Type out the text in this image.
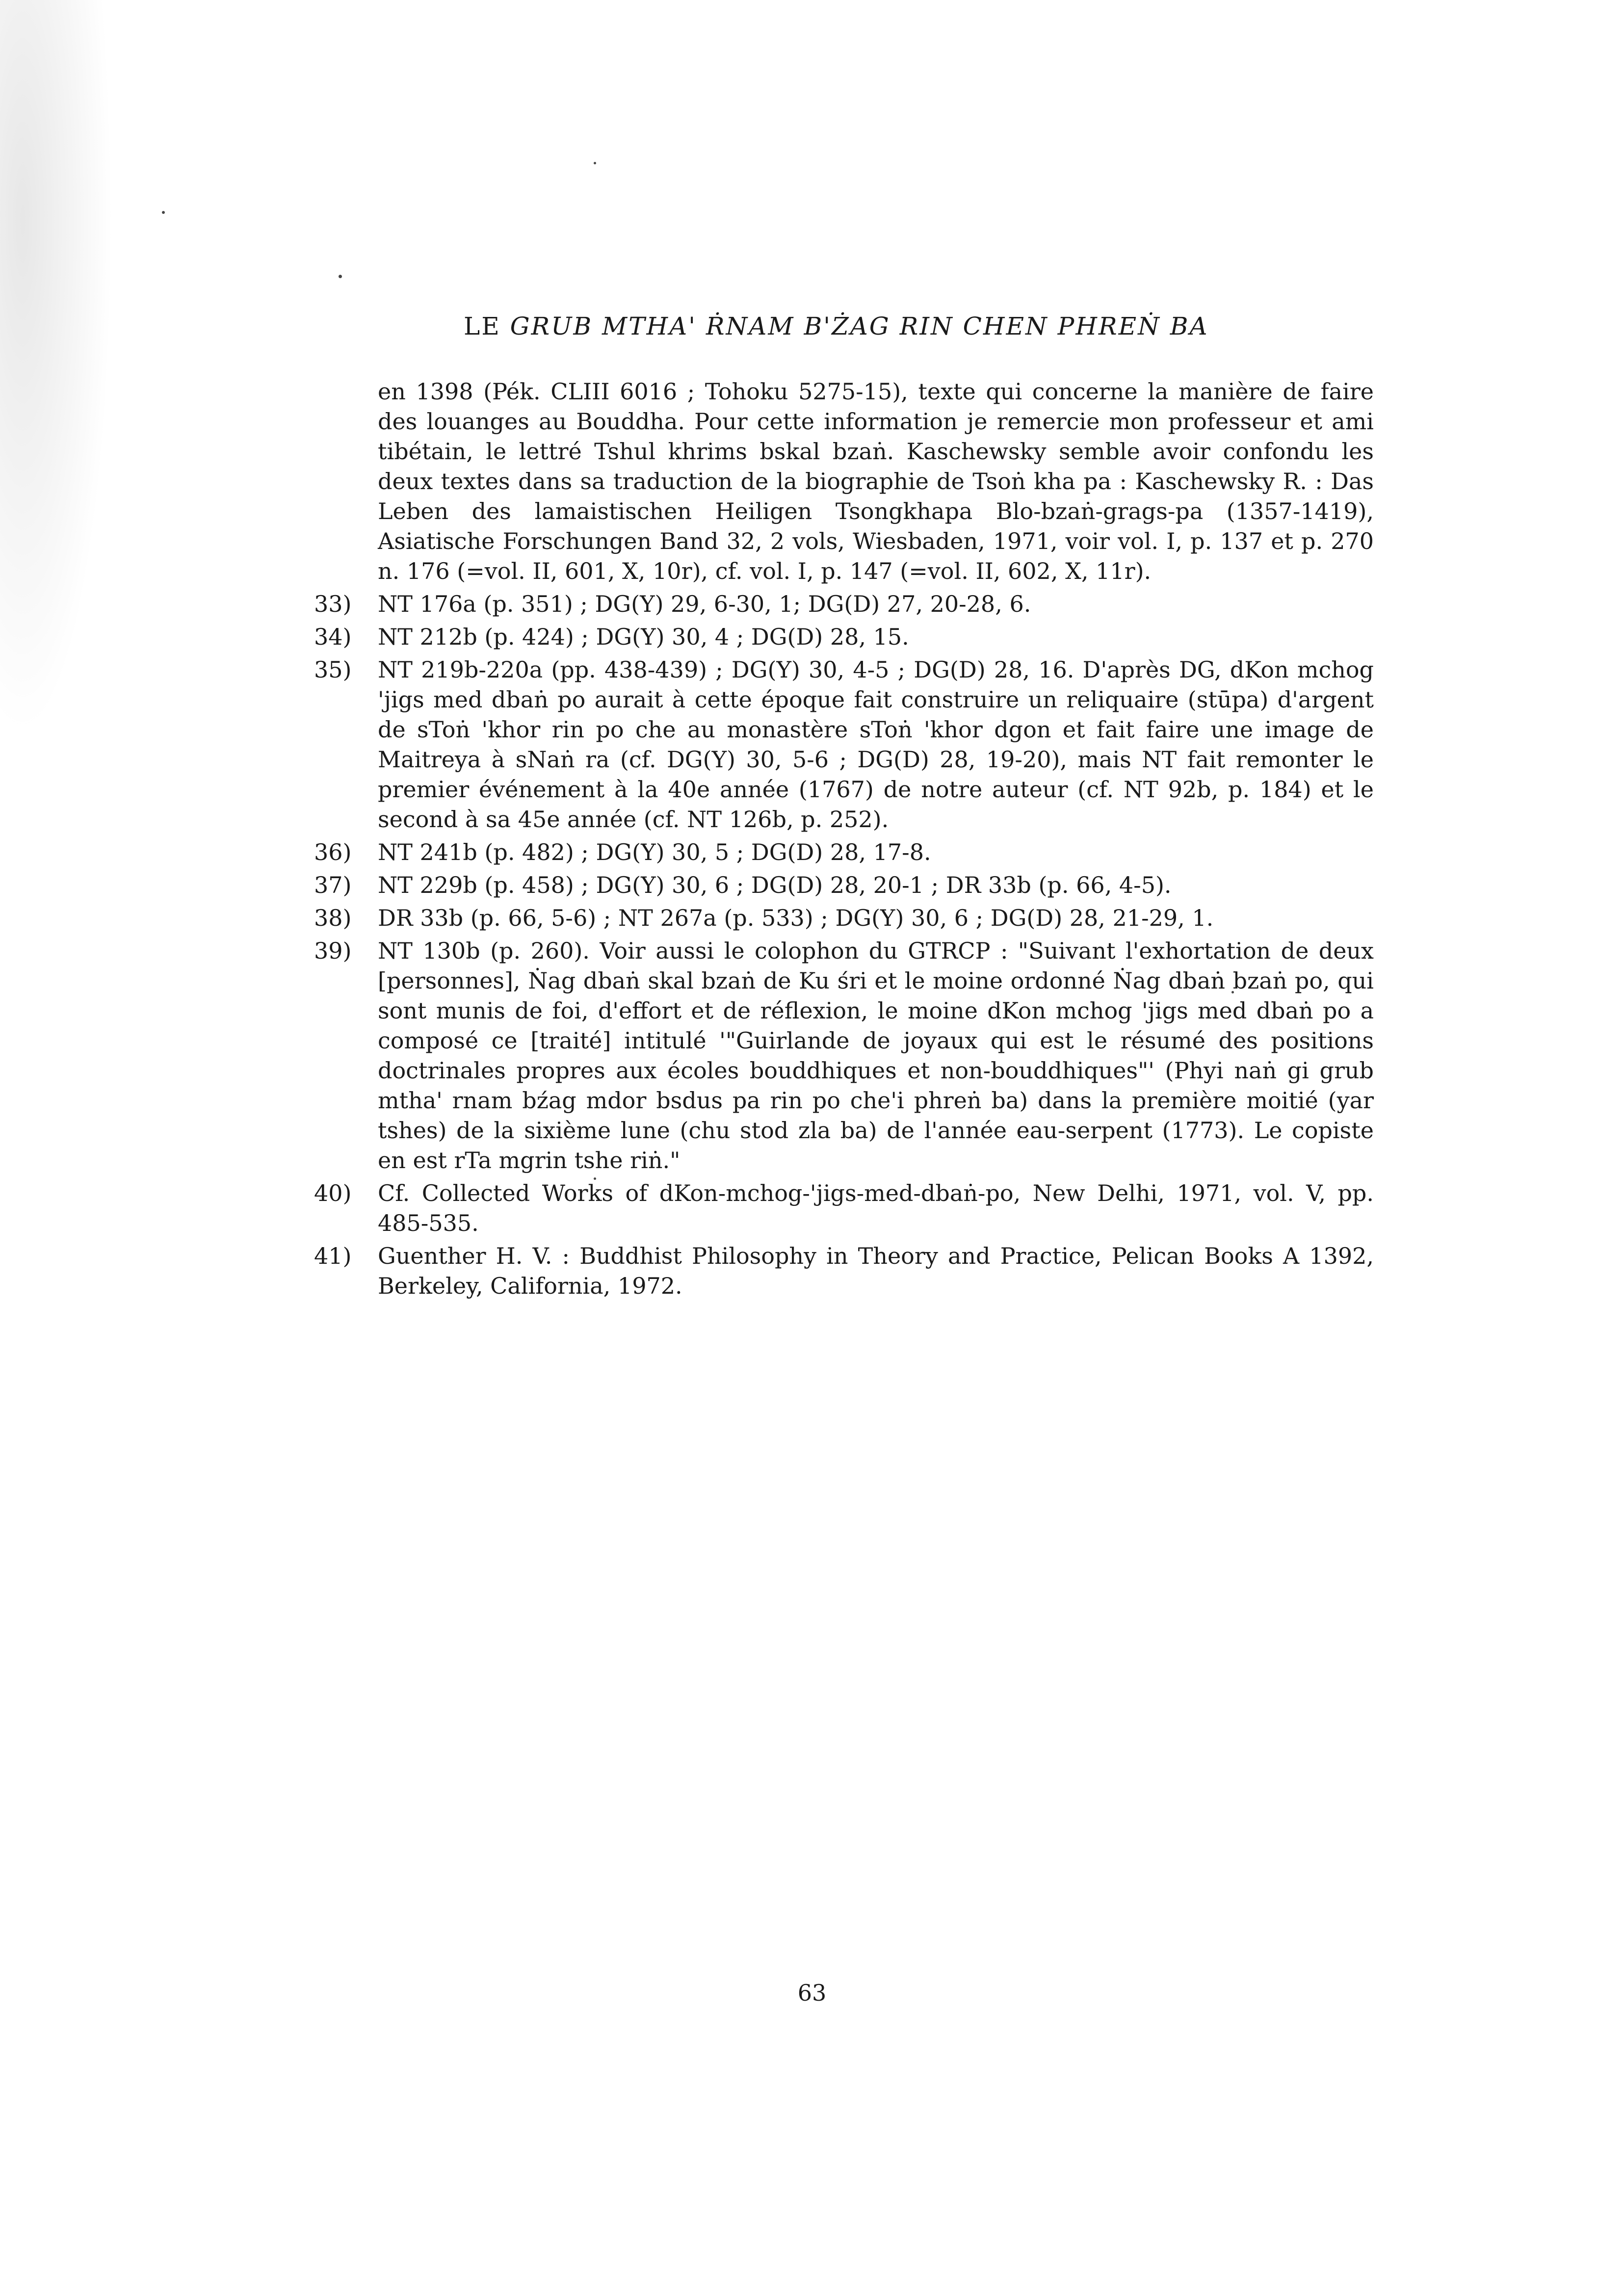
LE GRUB MTHA' ṘNAM B'ŻAG RIN CHEN PHREṄ BA
en 1398 (Pék. CLIII 6016 ; Tohoku 5275-15), texte qui concerne la manière de faire des louanges au Bouddha. Pour cette information je remercie mon professeur et ami tibétain, le lettré Tshul khrims bskal bzaṅ. Kaschewsky semble avoir confondu les deux textes dans sa traduction de la biographie de Tsoṅ kha pa : Kaschewsky R. : Das Leben des lamaistischen Heiligen Tsongkhapa Blo-bzaṅ-grags-pa (1357-1419), Asiatische Forschungen Band 32, 2 vols, Wiesbaden, 1971, voir vol. I, p. 137 et p. 270 n. 176 (=vol. II, 601, X, 10r), cf. vol. I, p. 147 (=vol. II, 602, X, 11r).
33)	NT 176a (p. 351) ; DG(Y) 29, 6-30, 1; DG(D) 27, 20-28, 6.
34)	NT 212b (p. 424) ; DG(Y) 30, 4 ; DG(D) 28, 15.
35)	NT 219b-220a (pp. 438-439) ; DG(Y) 30, 4-5 ; DG(D) 28, 16. D'après DG, dKon mchog 'jigs med dbaṅ po aurait à cette époque fait construire un reliquaire (stūpa) d'argent de sToṅ 'khor rin po che au monastère sToṅ 'khor dgon et fait faire une image de Maitreya à sNaṅ ra (cf. DG(Y) 30, 5-6 ; DG(D) 28, 19-20), mais NT fait remonter le premier événement à la 40e année (1767) de notre auteur (cf. NT 92b, p. 184) et le second à sa 45e année (cf. NT 126b, p. 252).
36)	NT 241b (p. 482) ; DG(Y) 30, 5 ; DG(D) 28, 17-8.
37)	NT 229b (p. 458) ; DG(Y) 30, 6 ; DG(D) 28, 20-1 ; DR 33b (p. 66, 4-5).
38)	DR 33b (p. 66, 5-6) ; NT 267a (p. 533) ; DG(Y) 30, 6 ; DG(D) 28, 21-29, 1.
39)	NT 130b (p. 260). Voir aussi le colophon du GTRCP : "Suivant l'exhortation de deux [personnes], Ṅag dbaṅ skal bzaṅ de Ku śri et le moine ordonné Ṅag dbaṅ bzaṅ po, qui sont munis de foi, d'effort et de réflexion, le moine dKon mchog 'jigs med dbaṅ po a composé ce [traité] intitulé '"Guirlande de joyaux qui est le résumé des positions doctrinales propres aux écoles bouddhiques et non-bouddhiques"' (Phyi naṅ gi grub mtha' rnam bźag mdor bsdus pa rin po che'i phreṅ ba) dans la première moitié (yar tshes) de la sixième lune (chu stod zla ba) de l'année eau-serpent (1773). Le copiste en est rTa mgrin tshe riṅ."
40)	Cf. Collected Works of dKon-mchog-'jigs-med-dbaṅ-po, New Delhi, 1971, vol. V, pp. 485-535.
41)	Guenther H. V. : Buddhist Philosophy in Theory and Practice, Pelican Books A 1392, Berkeley, California, 1972.
63
